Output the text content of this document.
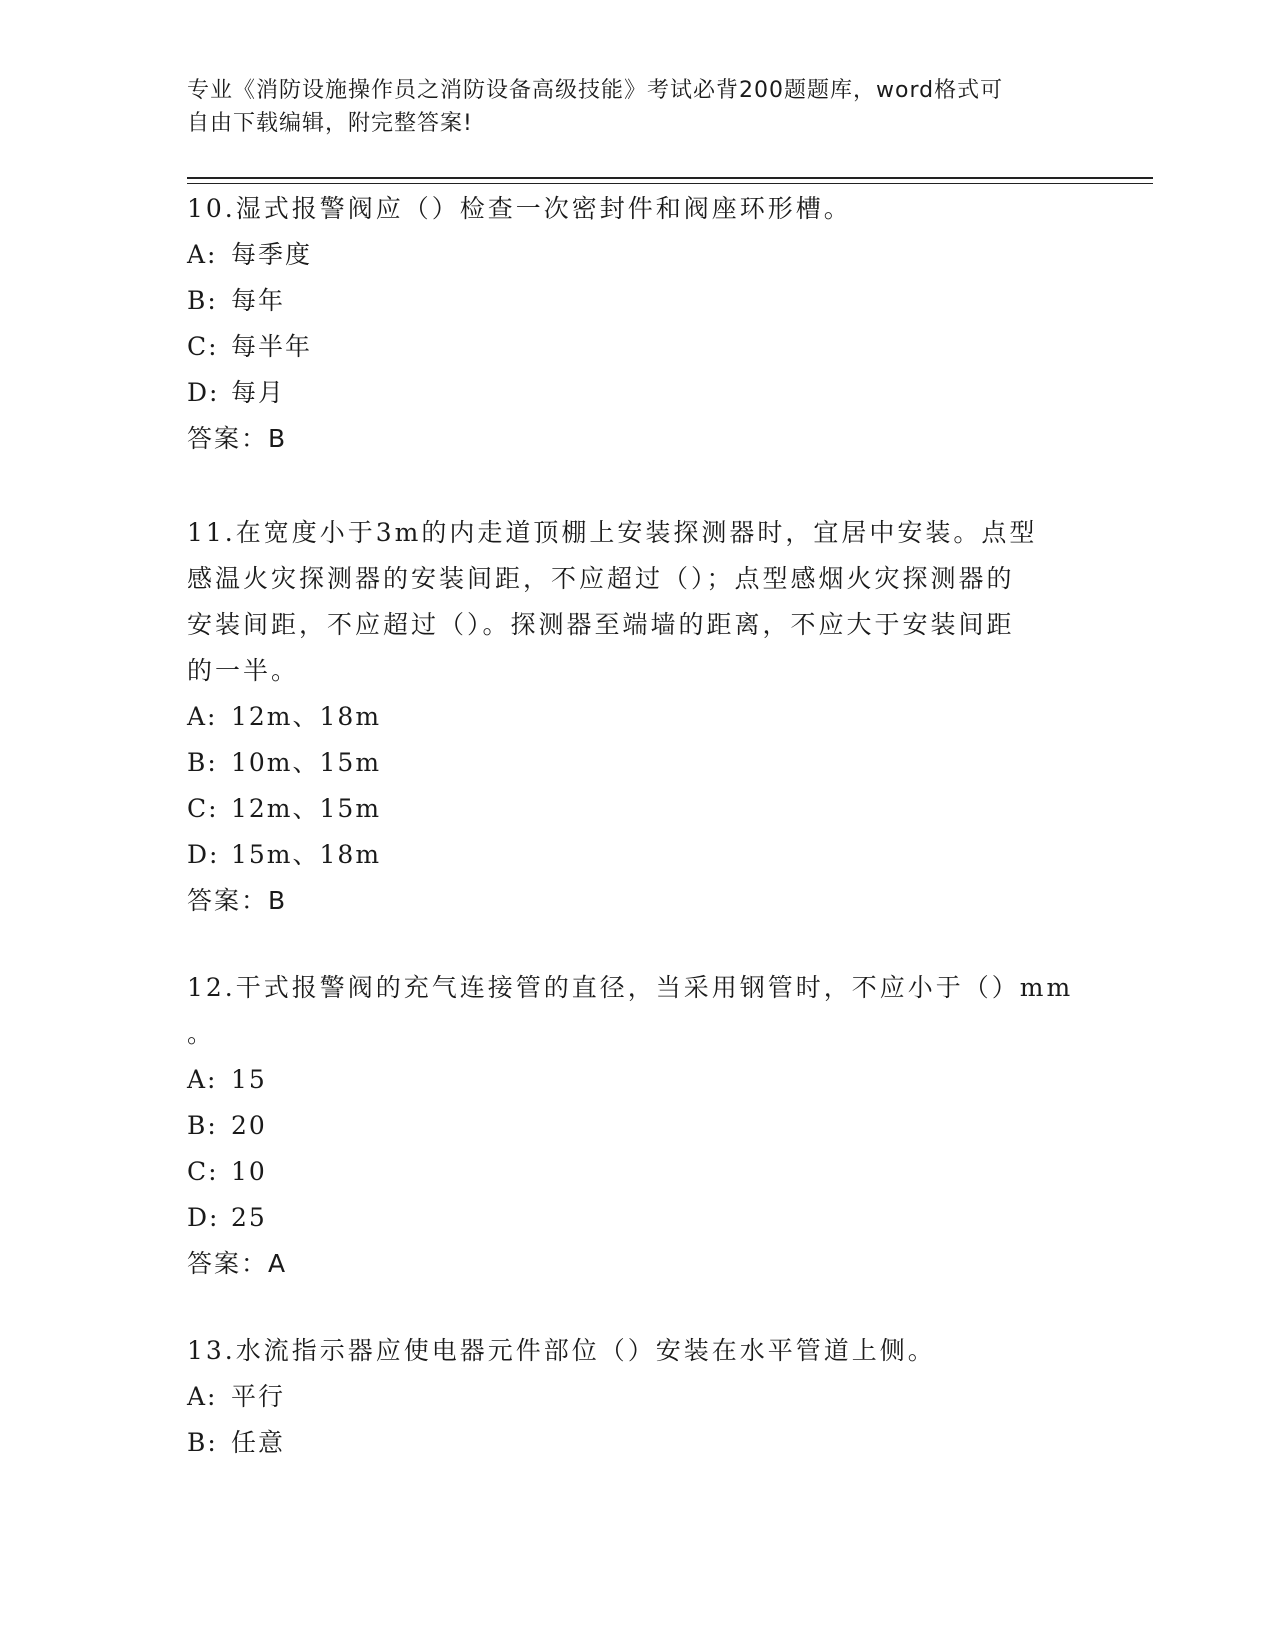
专业《消防设施操作员之消防设备高级技能》考试必背200题题库，word格式可
自由下载编辑，附完整答案!
10.湿式报警阀应（）检查一次密封件和阀座环形槽。
A: 每季度
B: 每年
C: 每半年
D: 每月
答案：B
11.在宽度小于3m的内走道顶棚上安装探测器时，宜居中安装。点型
感温火灾探测器的安装间距，不应超过（）；点型感烟火灾探测器的
安装间距，不应超过（）。探测器至端墙的距离，不应大于安装间距
的一半。
A: 12m、18m
B: 10m、15m
C: 12m、15m
D: 15m、18m
答案：B
12.干式报警阀的充气连接管的直径，当采用钢管时，不应小于（）mm
。
A: 15
B: 20
C: 10
D: 25
答案：A
13.水流指示器应使电器元件部位（）安装在水平管道上侧。
A: 平行
B: 任意
